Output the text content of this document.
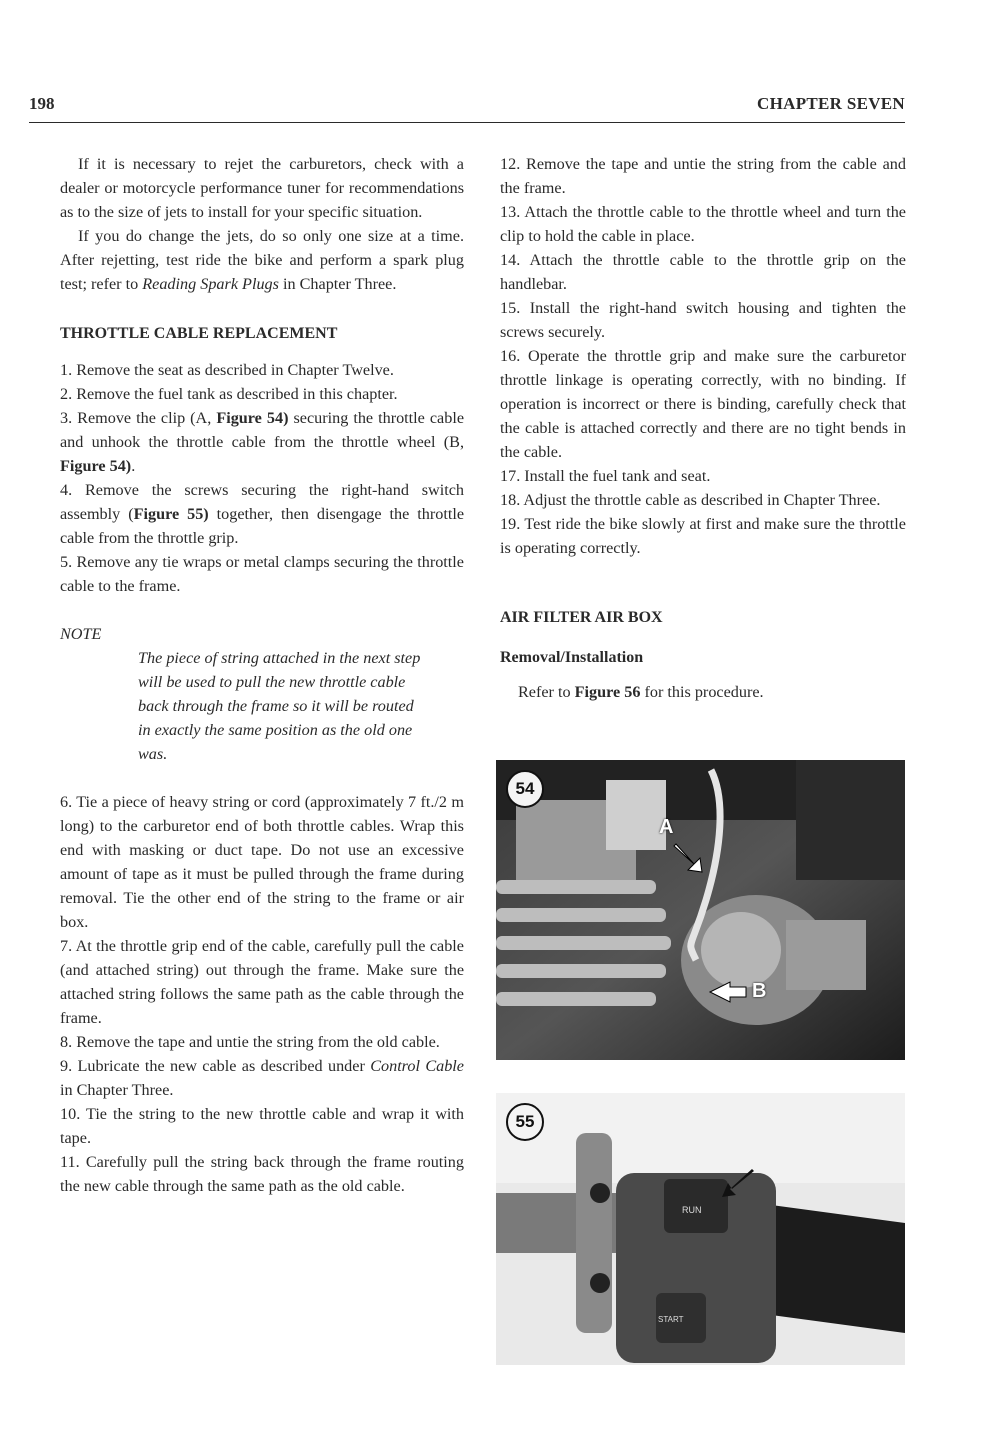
198	CHAPTER SEVEN

If it is necessary to rejet the carburetors, check with a dealer or motorcycle performance tuner for recommendations as to the size of jets to install for your specific situation.

If you do change the jets, do so only one size at a time. After rejetting, test ride the bike and perform a spark plug test; refer to Reading Spark Plugs in Chapter Three.

THROTTLE CABLE REPLACEMENT

1. Remove the seat as described in Chapter Twelve.

2. Remove the fuel tank as described in this chapter.

3. Remove the clip (A, Figure 54) securing the throttle cable and unhook the throttle cable from the throttle wheel (B, Figure 54).

4. Remove the screws securing the right-hand switch assembly (Figure 55) together, then disengage the throttle cable from the throttle grip.

5. Remove any tie wraps or metal clamps securing the throttle cable to the frame.

NOTE

The piece of string attached in the next step will be used to pull the new throttle cable back through the frame so it will be routed in exactly the same position as the old one was.

6. Tie a piece of heavy string or cord (approximately 7 ft./2 m long) to the carburetor end of both throttle cables. Wrap this end with masking or duct tape. Do not use an excessive amount of tape as it must be pulled through the frame during removal. Tie the other end of the string to the frame or air box.

7. At the throttle grip end of the cable, carefully pull the cable (and attached string) out through the frame. Make sure the attached string follows the same path as the cable through the frame.

8. Remove the tape and untie the string from the old cable.

9. Lubricate the new cable as described under Control Cable in Chapter Three.

10. Tie the string to the new throttle cable and wrap it with tape.

11. Carefully pull the string back through the frame routing the new cable through the same path as the old cable.

12. Remove the tape and untie the string from the cable and the frame.

13. Attach the throttle cable to the throttle wheel and turn the clip to hold the cable in place.

14. Attach the throttle cable to the throttle grip on the handlebar.

15. Install the right-hand switch housing and tighten the screws securely.

16. Operate the throttle grip and make sure the carburetor throttle linkage is operating correctly, with no binding. If operation is incorrect or there is binding, carefully check that the cable is attached correctly and there are no tight bends in the cable.

17. Install the fuel tank and seat.

18. Adjust the throttle cable as described in Chapter Three.

19. Test ride the bike slowly at first and make sure the throttle is operating correctly.

AIR FILTER AIR BOX

Removal/Installation

Refer to Figure 56 for this procedure.

54
A
B
55
RUN
START
